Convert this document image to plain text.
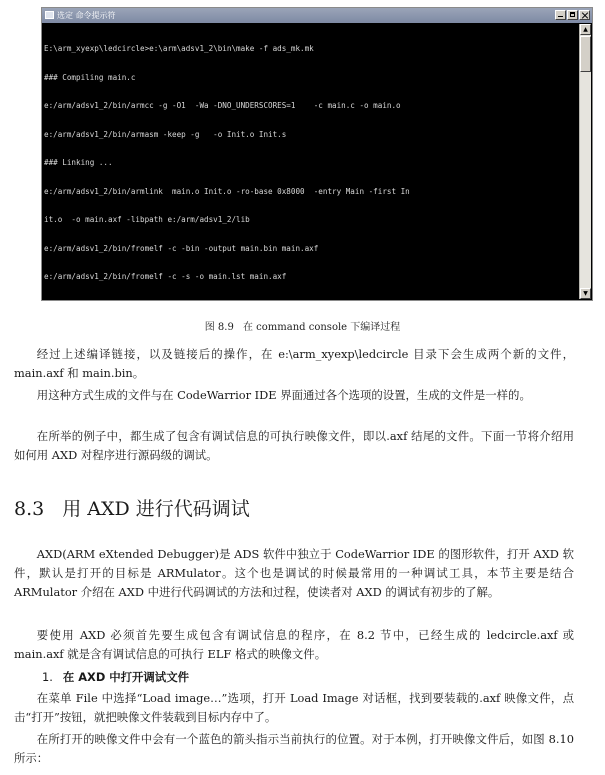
选定 命令提示符

E:\arm_xyexp\ledcircle>e:\arm\adsv1_2\bin\make -f ads_mk.mk

### Compiling main.c

e:/arm/adsv1_2/bin/armcc -g -O1  -Wa -DNO_UNDERSCORES=1    -c main.c -o main.o

e:/arm/adsv1_2/bin/armasm -keep -g   -o Init.o Init.s

### Linking ...

e:/arm/adsv1_2/bin/armlink  main.o Init.o -ro-base 0x8000  -entry Main -first In

it.o  -o main.axf -libpath e:/arm/adsv1_2/lib

e:/arm/adsv1_2/bin/fromelf -c -bin -output main.bin main.axf

e:/arm/adsv1_2/bin/fromelf -c -s -o main.lst main.axf

▲
▼
图 8.9 在 command console 下编译过程

经过上述编译链接，以及链接后的操作，在 e:\arm_xyexp\ledcircle 目录下会生成两个新的文件，main.axf 和 main.bin。

用这种方式生成的文件与在 CodeWarrior IDE 界面通过各个选项的设置，生成的文件是一样的。

在所举的例子中，都生成了包含有调试信息的可执行映像文件，即以.axf 结尾的文件。下面一节将介绍用如何用 AXD 对程序进行源码级的调试。

8.3 用 AXD 进行代码调试

AXD(ARM eXtended Debugger)是 ADS 软件中独立于 CodeWarrior IDE 的图形软件，打开 AXD 软件，默认是打开的目标是 ARMulator。这个也是调试的时候最常用的一种调试工具，本节主要是结合 ARMulator 介绍在 AXD 中进行代码调试的方法和过程，使读者对 AXD 的调试有初步的了解。

要使用 AXD 必须首先要生成包含有调试信息的程序，在 8.2 节中，已经生成的 ledcircle.axf 或 main.axf 就是含有调试信息的可执行 ELF 格式的映像文件。

1. 在 AXD 中打开调试文件

在菜单 File 中选择“Load image…”选项，打开 Load Image 对话框，找到要装载的.axf 映像文件，点击“打开”按钮，就把映像文件装载到目标内存中了。

在所打开的映像文件中会有一个蓝色的箭头指示当前执行的位置。对于本例，打开映像文件后，如图 8.10 所示：
